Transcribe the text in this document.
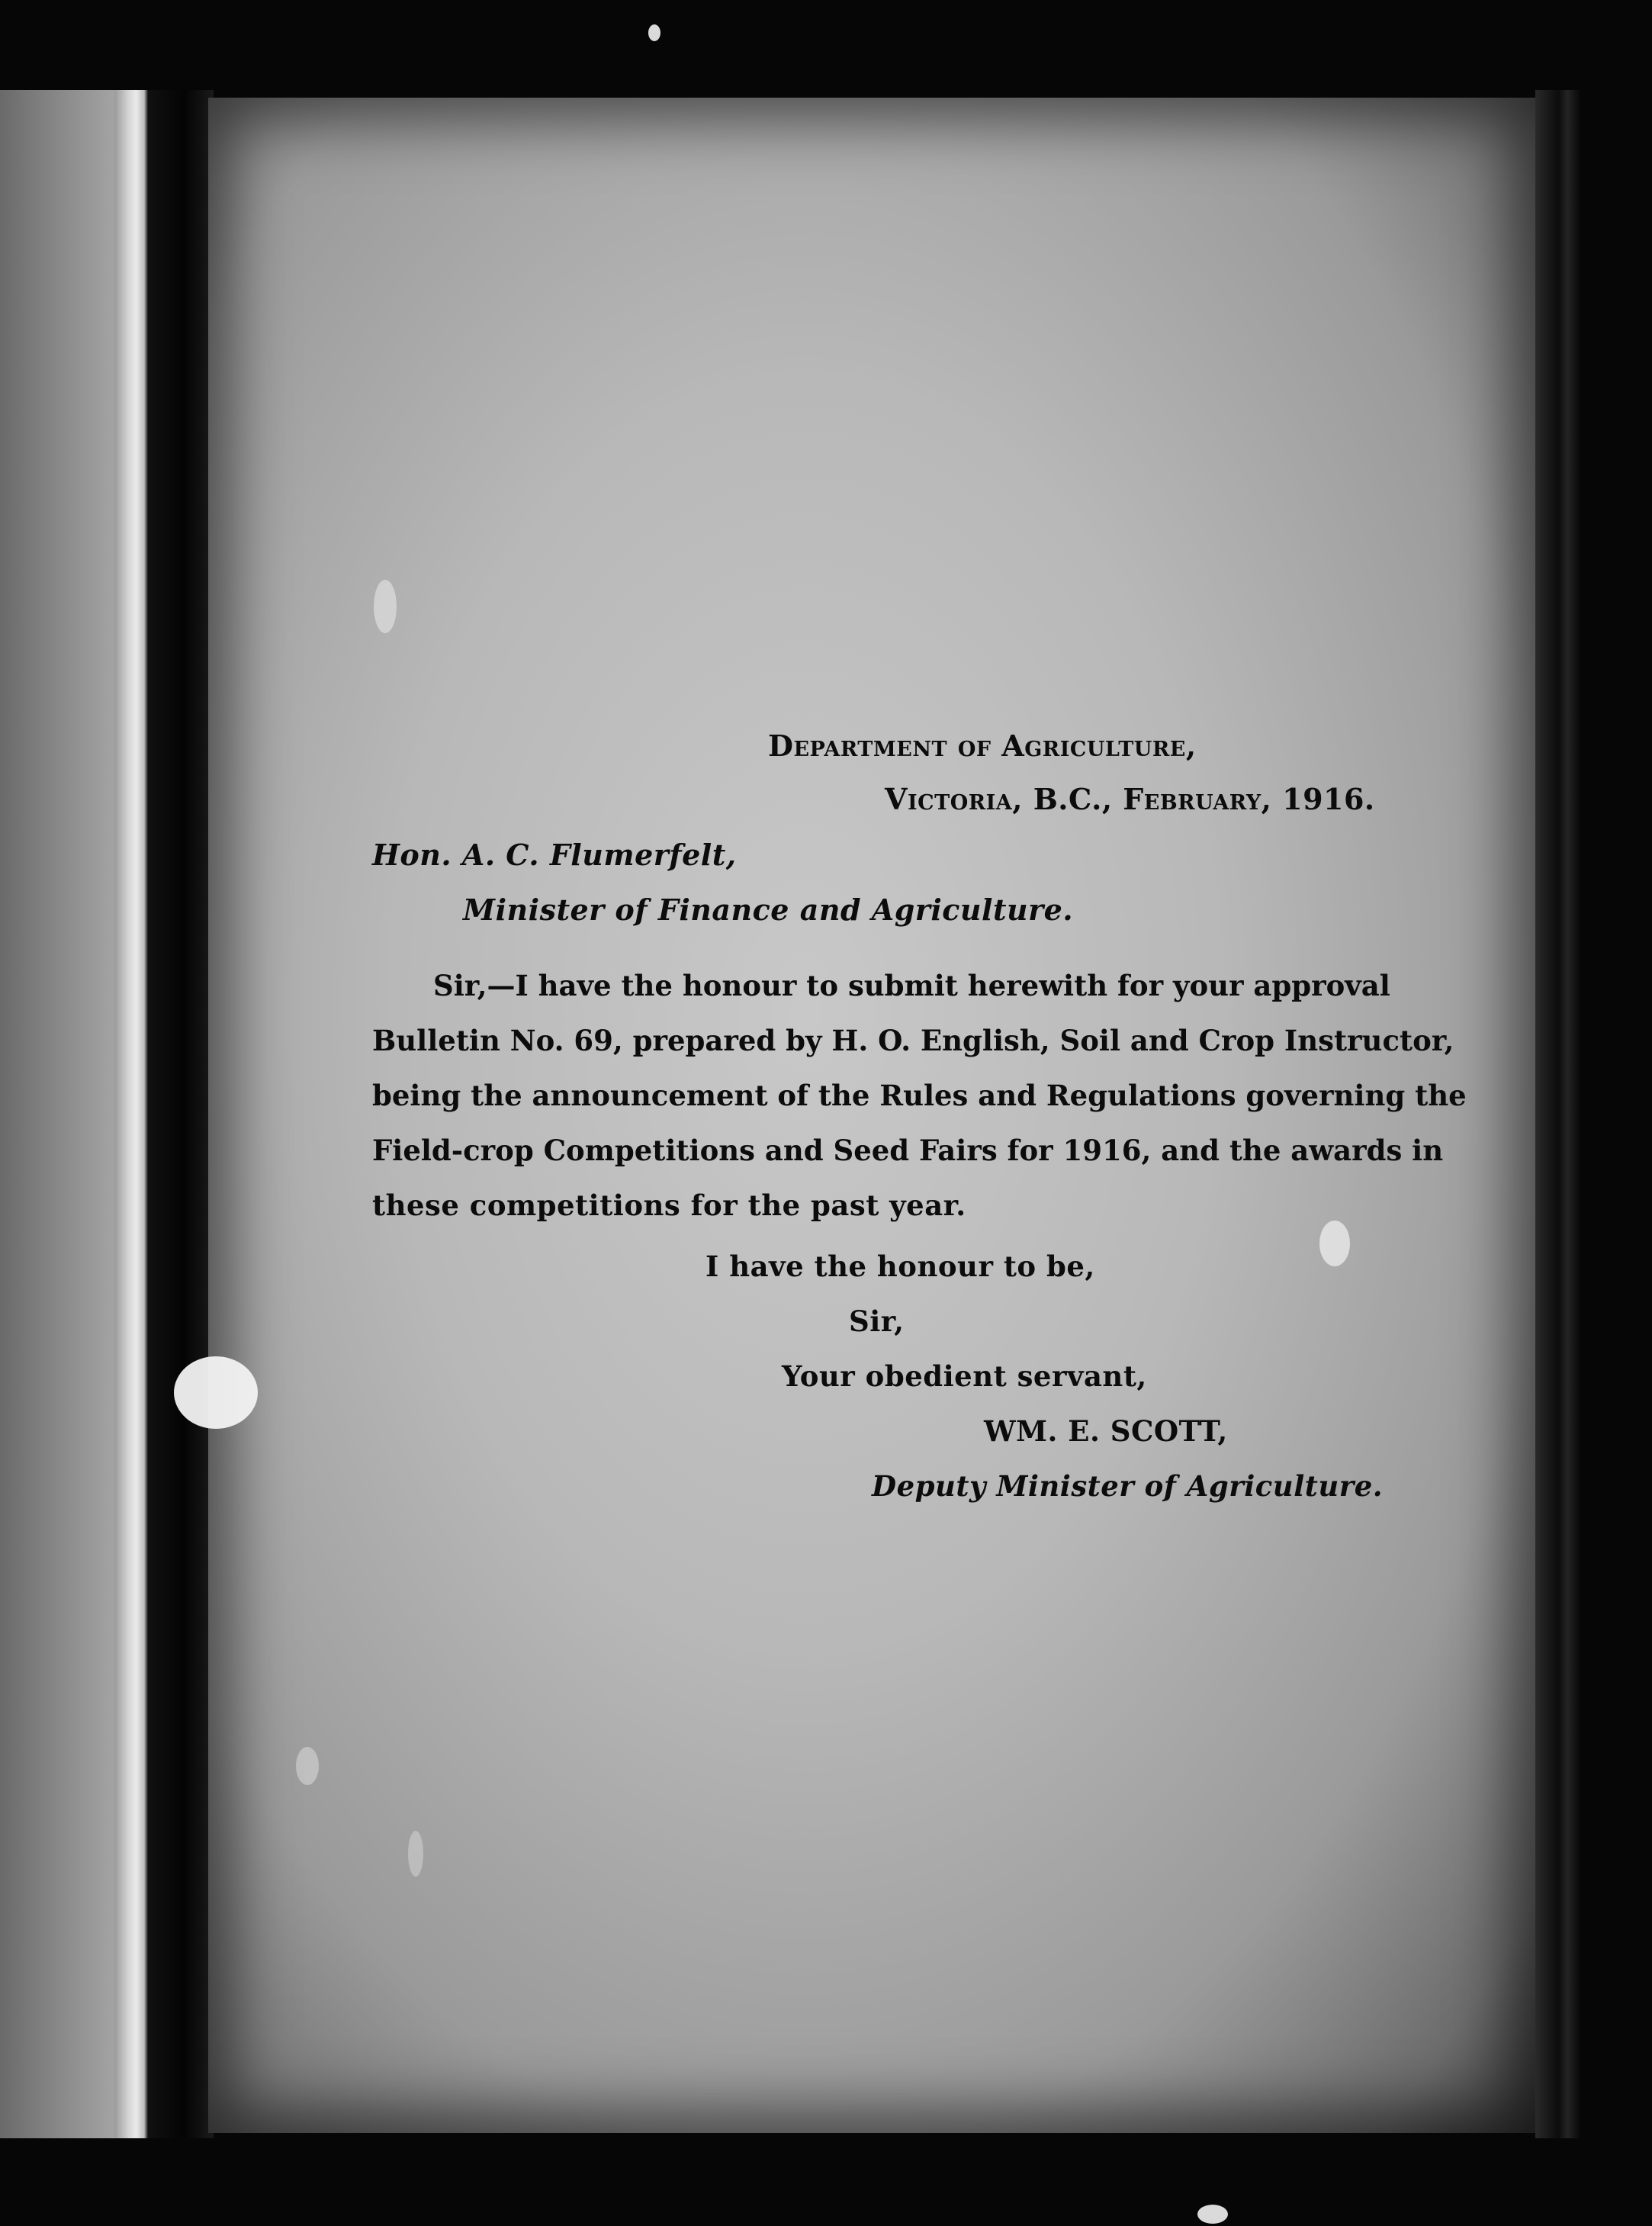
Department of Agriculture,
Victoria, B.C., February, 1916.
Hon. A. C. Flumerfelt,
Minister of Finance and Agriculture.
Sir,—I have the honour to submit herewith for your approval
Bulletin No. 69, prepared by H. O. English, Soil and Crop Instructor,
being the announcement of the Rules and Regulations governing the
Field-crop Competitions and Seed Fairs for 1916, and the awards in
these competitions for the past year.
I have the honour to be,
Sir,
Your obedient servant,
WM. E. SCOTT,
Deputy Minister of Agriculture.
